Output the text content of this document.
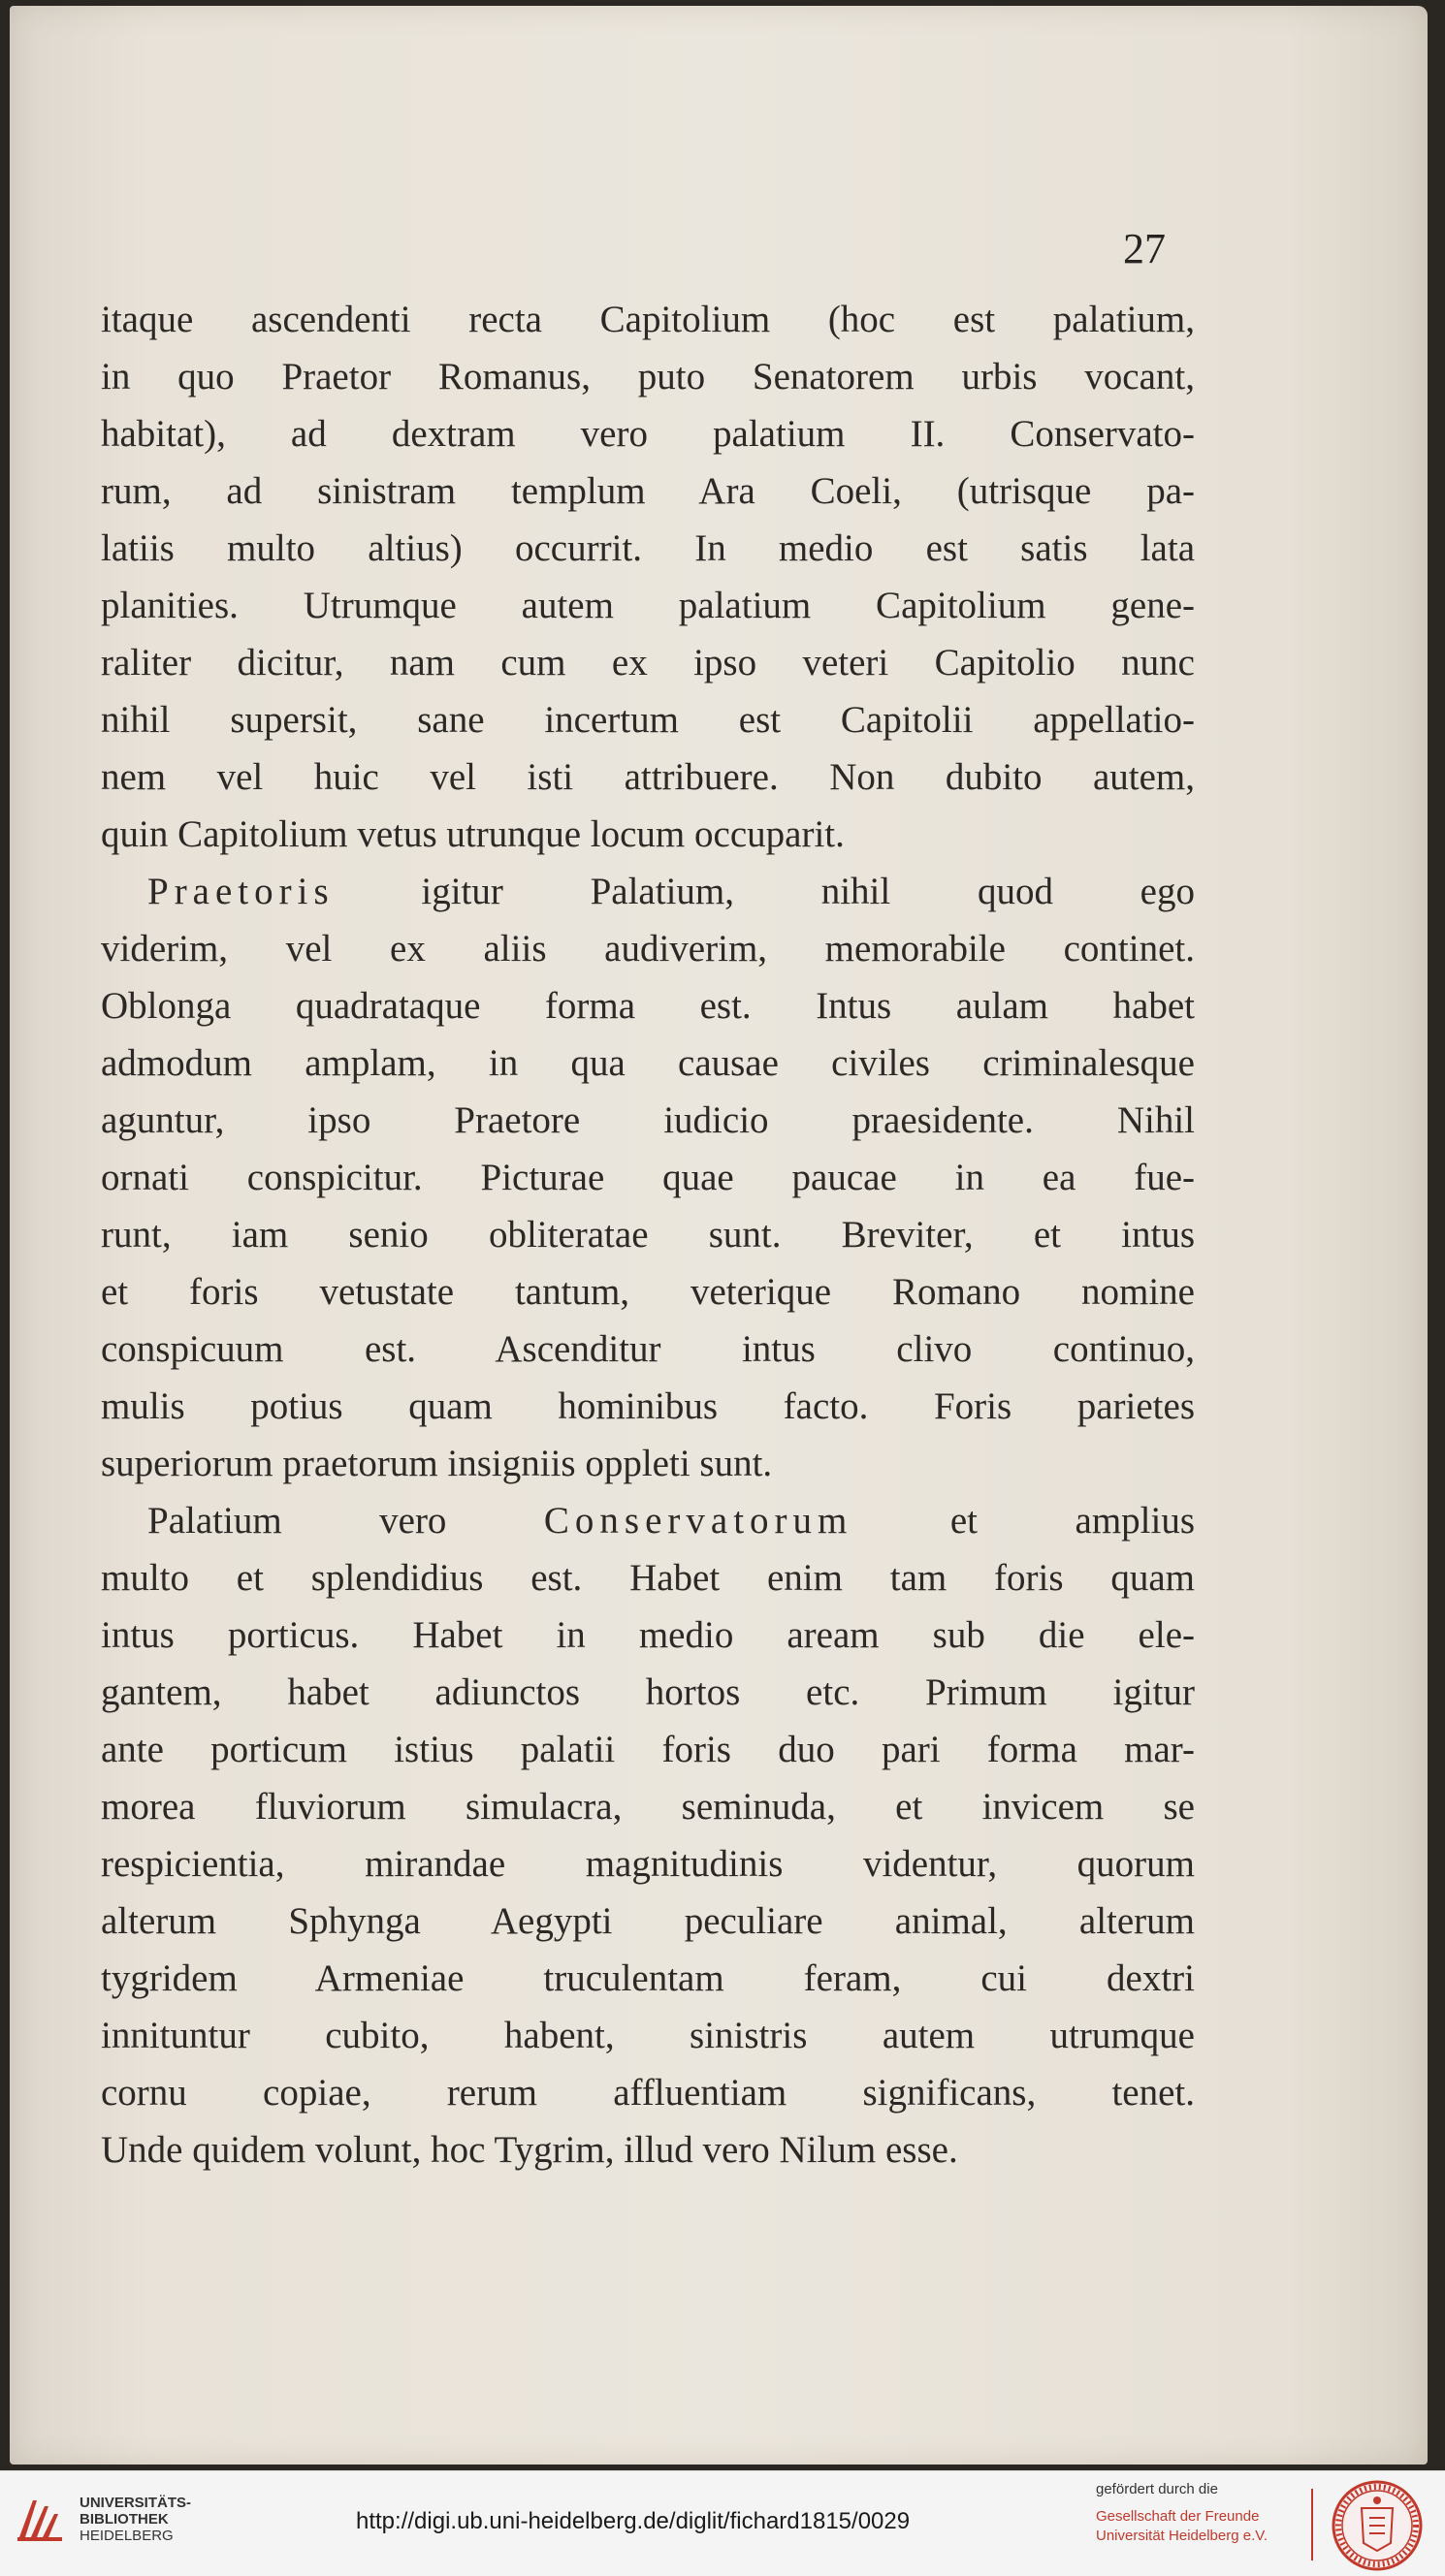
27
itaque ascendenti recta Capitolium (hoc est palatium,
in quo Praetor Romanus, puto Senatorem urbis vocant,
habitat), ad dextram vero palatium II. Conservato-
rum, ad sinistram templum Ara Coeli, (utrisque pa-
latiis multo altius) occurrit. In medio est satis lata
planities. Utrumque autem palatium Capitolium gene-
raliter dicitur, nam cum ex ipso veteri Capitolio nunc
nihil supersit, sane incertum est Capitolii appellatio-
nem vel huic vel isti attribuere. Non dubito autem,
quin Capitolium vetus utrunque locum occuparit.
Praetoris igitur Palatium, nihil quod ego
viderim, vel ex aliis audiverim, memorabile continet.
Oblonga quadrataque forma est. Intus aulam habet
admodum amplam, in qua causae civiles criminalesque
aguntur, ipso Praetore iudicio praesidente. Nihil
ornati conspicitur. Picturae quae paucae in ea fue-
runt, iam senio obliteratae sunt. Breviter, et intus
et foris vetustate tantum, veterique Romano nomine
conspicuum est. Ascenditur intus clivo continuo,
mulis potius quam hominibus facto. Foris parietes
superiorum praetorum insigniis oppleti sunt.
Palatium vero Conservatorum et amplius
multo et splendidius est. Habet enim tam foris quam
intus porticus. Habet in medio aream sub die ele-
gantem, habet adiunctos hortos etc. Primum igitur
ante porticum istius palatii foris duo pari forma mar-
morea fluviorum simulacra, seminuda, et invicem se
respicientia, mirandae magnitudinis videntur, quorum
alterum Sphynga Aegypti peculiare animal, alterum
tygridem Armeniae truculentam feram, cui dextri
innituntur cubito, habent, sinistris autem utrumque
cornu copiae, rerum affluentiam significans, tenet.
Unde quidem volunt, hoc Tygrim, illud vero Nilum esse.
UNIVERSITÄTS-
BIBLIOTHEK
HEIDELBERG
http://digi.ub.uni-heidelberg.de/diglit/fichard1815/0029
gefördert durch die
Gesellschaft der Freunde
Universität Heidelberg e.V.
